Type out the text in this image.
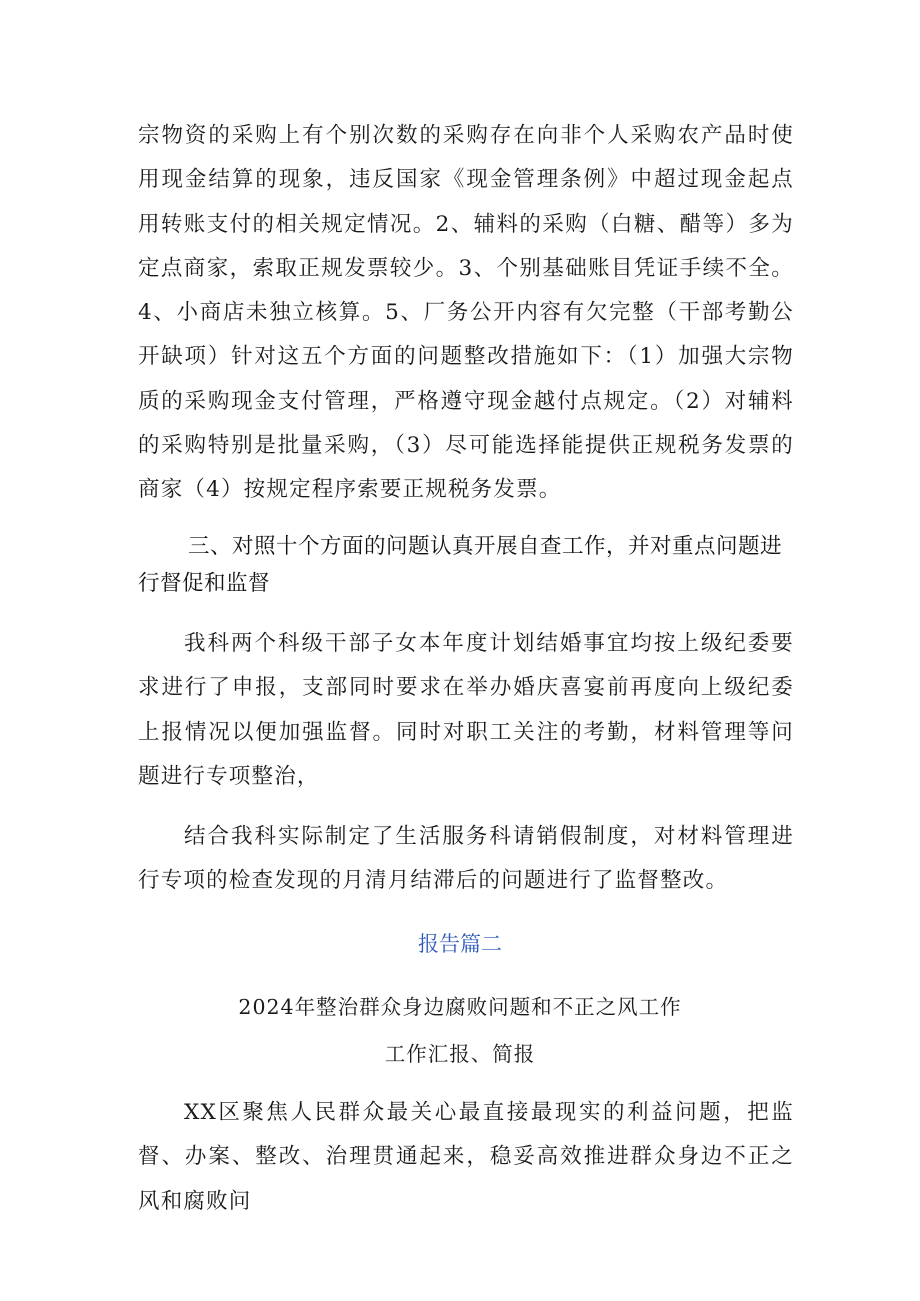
宗物资的采购上有个别次数的采购存在向非个人采购农产品时使用现金结算的现象，违反国家《现金管理条例》中超过现金起点用转账支付的相关规定情况。2、辅料的采购（白糖、醋等）多为定点商家，索取正规发票较少。3、个别基础账目凭证手续不全。4、小商店未独立核算。5、厂务公开内容有欠完整（干部考勤公开缺项）针对这五个方面的问题整改措施如下：（1）加强大宗物质的采购现金支付管理，严格遵守现金越付点规定。（2）对辅料的采购特别是批量采购，（3）尽可能选择能提供正规税务发票的商家（4）按规定程序索要正规税务发票。

三、对照十个方面的问题认真开展自查工作，并对重点问题进行督促和监督

我科两个科级干部子女本年度计划结婚事宜均按上级纪委要求进行了申报，支部同时要求在举办婚庆喜宴前再度向上级纪委上报情况以便加强监督。同时对职工关注的考勤，材料管理等问题进行专项整治，

结合我科实际制定了生活服务科请销假制度，对材料管理进行专项的检查发现的月清月结滞后的问题进行了监督整改。

报告篇二

2024年整治群众身边腐败问题和不正之风工作

工作汇报、简报

XX区聚焦人民群众最关心最直接最现实的利益问题，把监督、办案、整改、治理贯通起来，稳妥高效推进群众身边不正之风和腐败问
